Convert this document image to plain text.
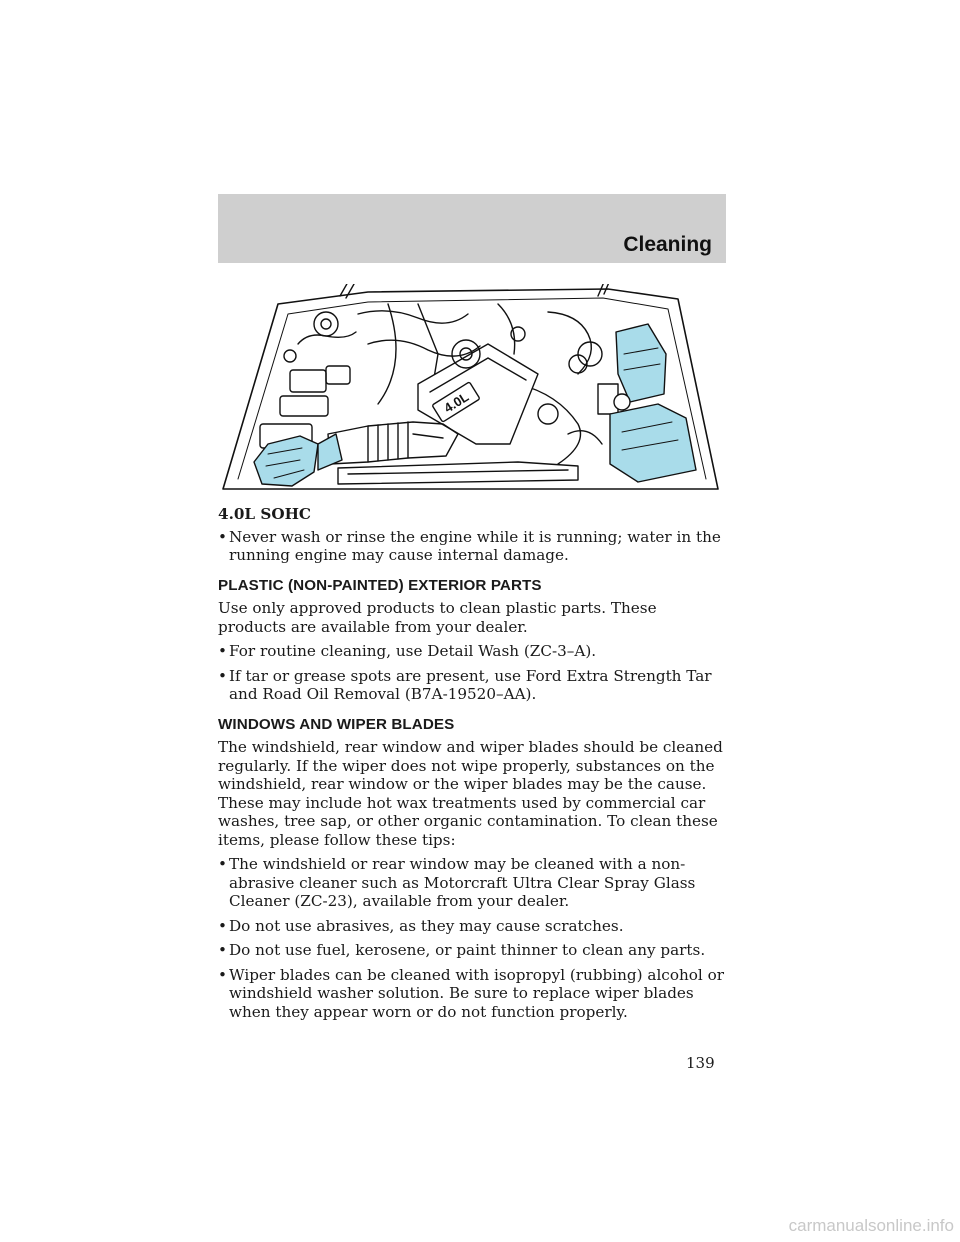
Cleaning
4.0L
4.0L SOHC
• Never wash or rinse the engine while it is running; water in the running engine may cause internal damage.
PLASTIC (NON-PAINTED) EXTERIOR PARTS

Use only approved products to clean plastic parts. These products are available from your dealer.

• For routine cleaning, use Detail Wash (ZC-3–A).
• If tar or grease spots are present, use Ford Extra Strength Tar and Road Oil Removal (B7A-19520–AA).
WINDOWS AND WIPER BLADES

The windshield, rear window and wiper blades should be cleaned regularly. If the wiper does not wipe properly, substances on the windshield, rear window or the wiper blades may be the cause. These may include hot wax treatments used by commercial car washes, tree sap, or other organic contamination. To clean these items, please follow these tips:

• The windshield or rear window may be cleaned with a non-abrasive cleaner such as Motorcraft Ultra Clear Spray Glass Cleaner (ZC-23), available from your dealer.
• Do not use abrasives, as they may cause scratches.
• Do not use fuel, kerosene, or paint thinner to clean any parts.
• Wiper blades can be cleaned with isopropyl (rubbing) alcohol or windshield washer solution. Be sure to replace wiper blades when they appear worn or do not function properly.
139
carmanualsonline.info
